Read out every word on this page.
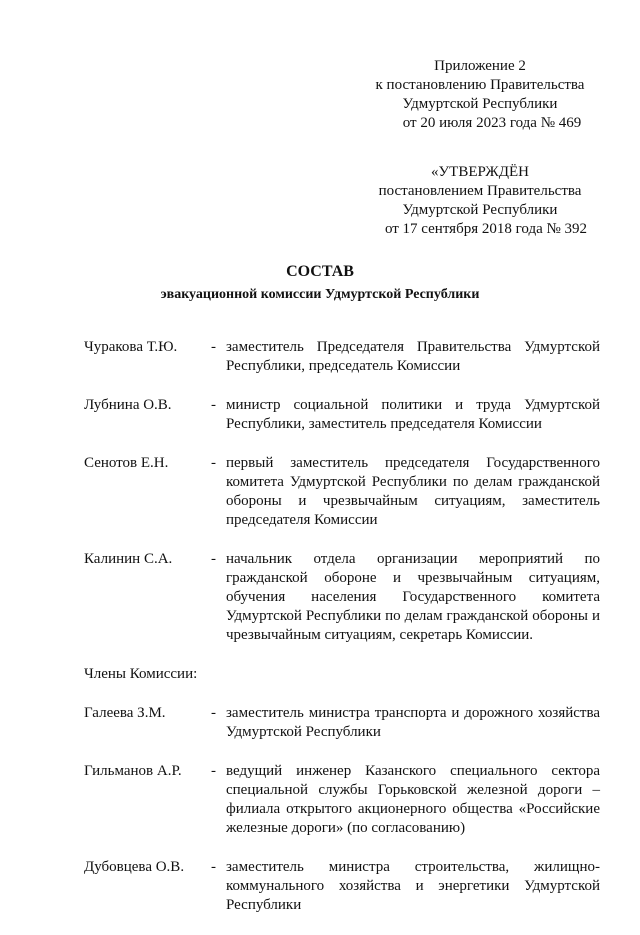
Приложение 2
к постановлению Правительства
Удмуртской Республики
от 20 июля 2023 года № 469
«УТВЕРЖДЁН
постановлением Правительства
Удмуртской Республики
от 17 сентября 2018 года № 392
СОСТАВ
эвакуационной комиссии Удмуртской Республики
Чуракова Т.Ю. - заместитель Председателя Правительства Удмуртской Республики, председатель Комиссии
Лубнина О.В.	- министр социальной политики и труда Удмуртской Республики, заместитель председателя Комиссии
Сенотов Е.Н.	- первый заместитель председателя Государственного комитета Удмуртской Республики по делам гражданской обороны и чрезвычайным ситуациям, заместитель председателя Комиссии
Калинин С.А.	- начальник отдела организации мероприятий по гражданской обороне и чрезвычайным ситуациям, обучения населения Государственного комитета Удмуртской Республики по делам гражданской обороны и чрезвычайным ситуациям, секретарь Комиссии.
Члены Комиссии:
Галеева З.М.	- заместитель министра транспорта и дорожного хозяйства Удмуртской Республики
Гильманов А.Р. - ведущий инженер Казанского специального сектора специальной службы Горьковской железной дороги – филиала открытого акционерного общества «Российские железные дороги» (по согласованию)
Дубовцева О.В. - заместитель министра строительства, жилищно-коммунального хозяйства и энергетики Удмуртской Республики
